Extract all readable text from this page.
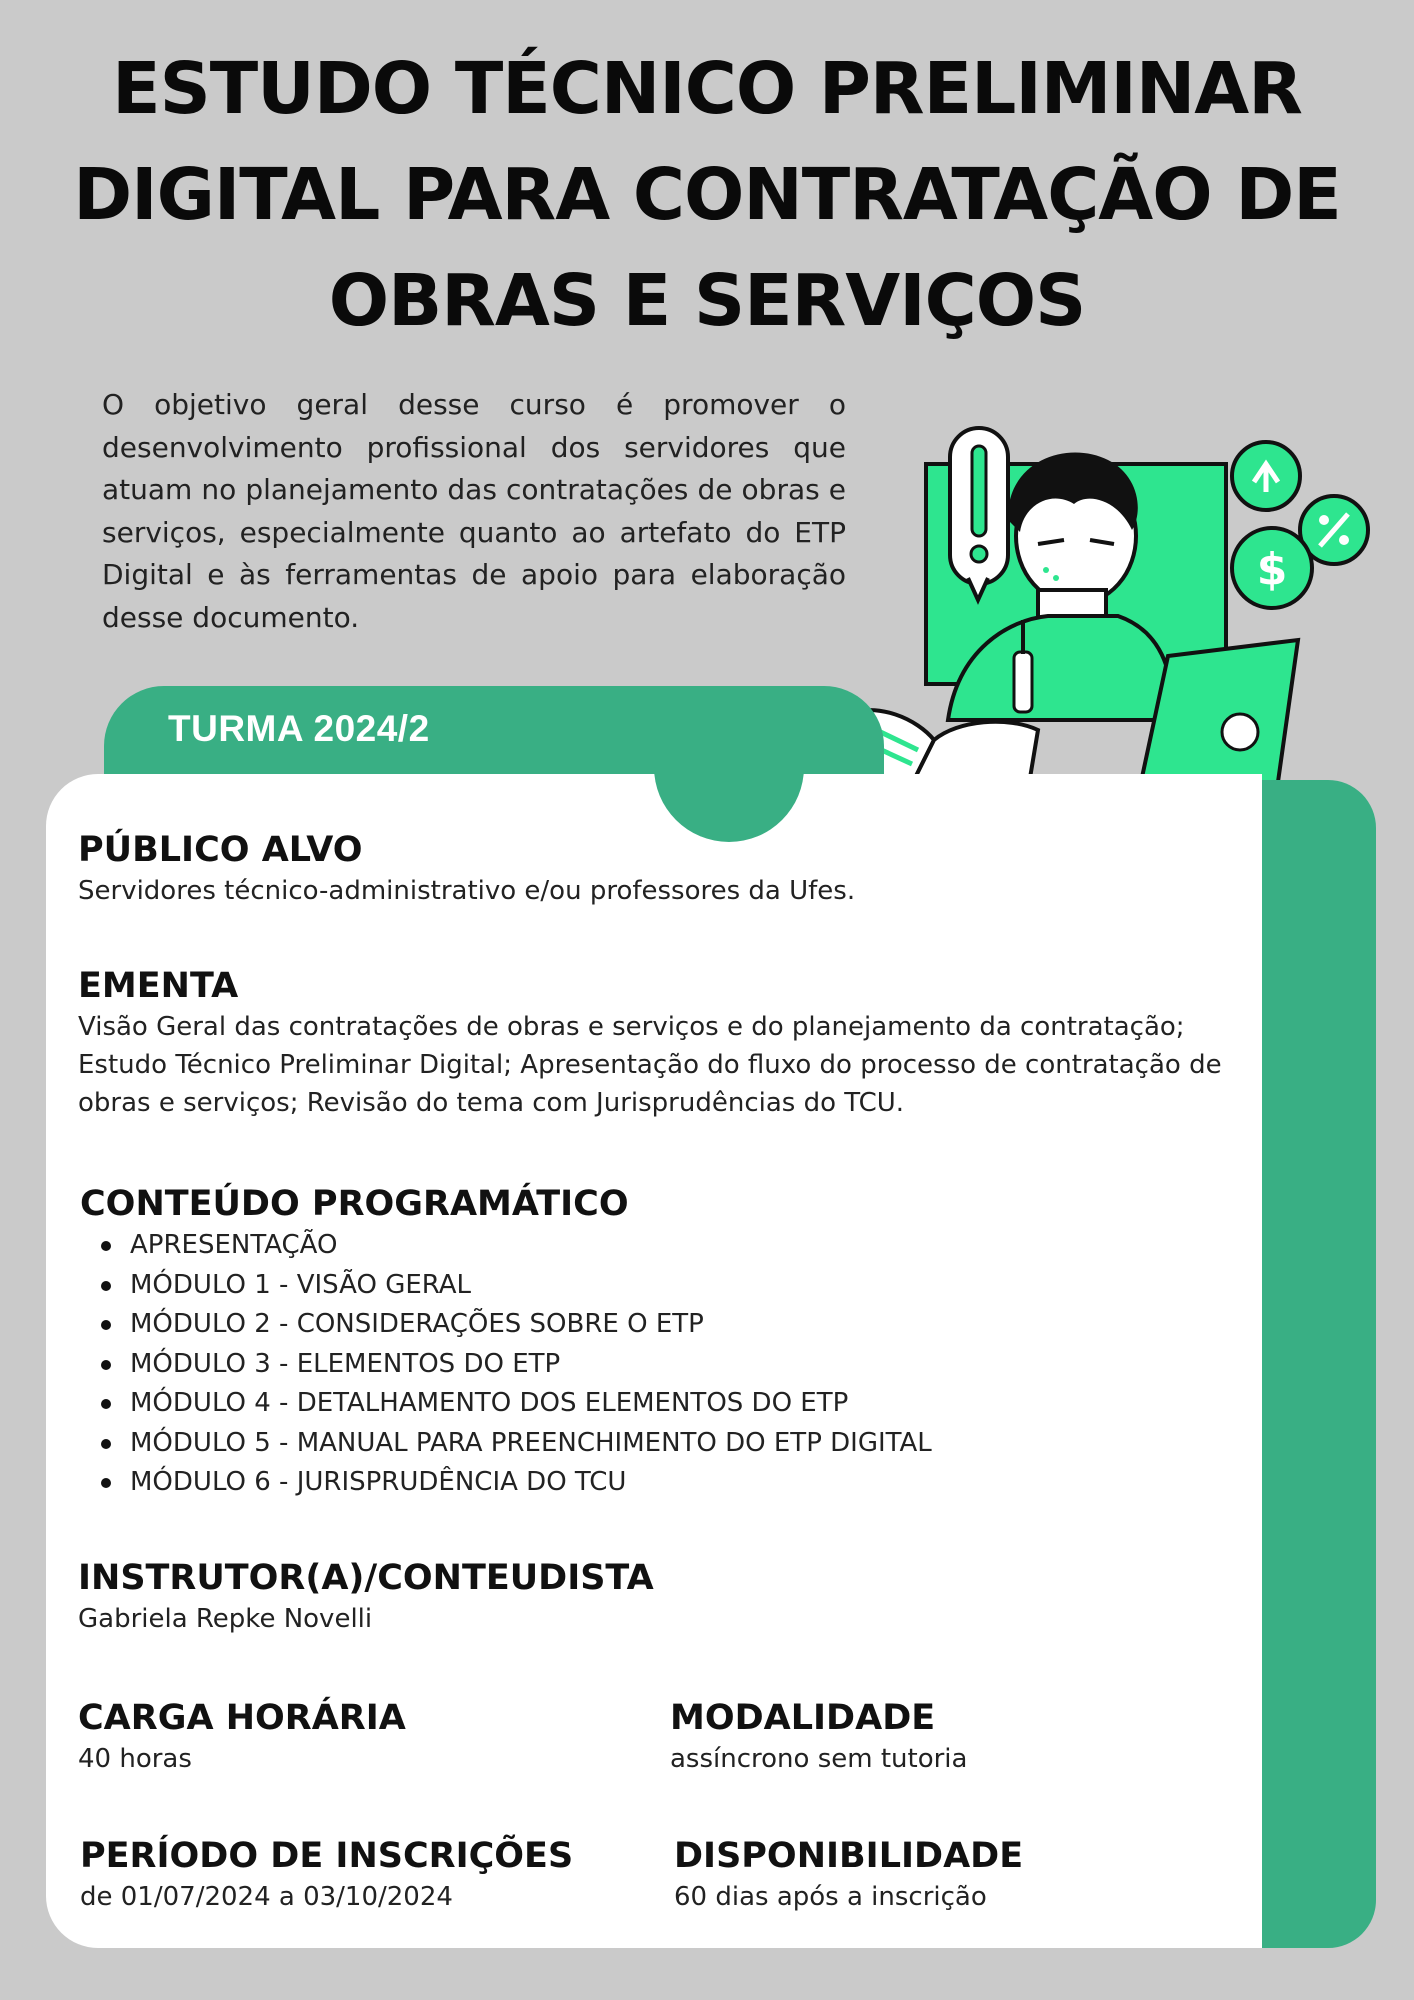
ESTUDO TÉCNICO PRELIMINAR
DIGITAL PARA CONTRATAÇÃO DE
OBRAS E SERVIÇOS

O objetivo geral desse curso é promover o desenvolvimento profissional dos servidores que atuam no planejamento das contratações de obras e serviços, especialmente quanto ao artefato do ETP Digital e às ferramentas de apoio para elaboração desse documento.

$
TURMA 2024/2
PÚBLICO ALVO

Servidores técnico-administrativo e/ou professores da Ufes.

EMENTA

Visão Geral das contratações de obras e serviços e do planejamento da contratação; Estudo Técnico Preliminar Digital; Apresentação do fluxo do processo de contratação de obras e serviços; Revisão do tema com Jurisprudências do TCU.

CONTEÚDO PROGRAMÁTICO
APRESENTAÇÃO
MÓDULO 1 - VISÃO GERAL
MÓDULO 2 - CONSIDERAÇÕES SOBRE O ETP
MÓDULO 3 - ELEMENTOS DO ETP
MÓDULO 4 - DETALHAMENTO DOS ELEMENTOS DO ETP
MÓDULO 5 - MANUAL PARA PREENCHIMENTO DO ETP DIGITAL
MÓDULO 6 - JURISPRUDÊNCIA DO TCU
INSTRUTOR(A)/CONTEUDISTA

Gabriela Repke Novelli

CARGA HORÁRIA

40 horas

MODALIDADE

assíncrono sem tutoria

PERÍODO DE INSCRIÇÕES

de 01/07/2024 a 03/10/2024

DISPONIBILIDADE

60 dias após a inscrição
